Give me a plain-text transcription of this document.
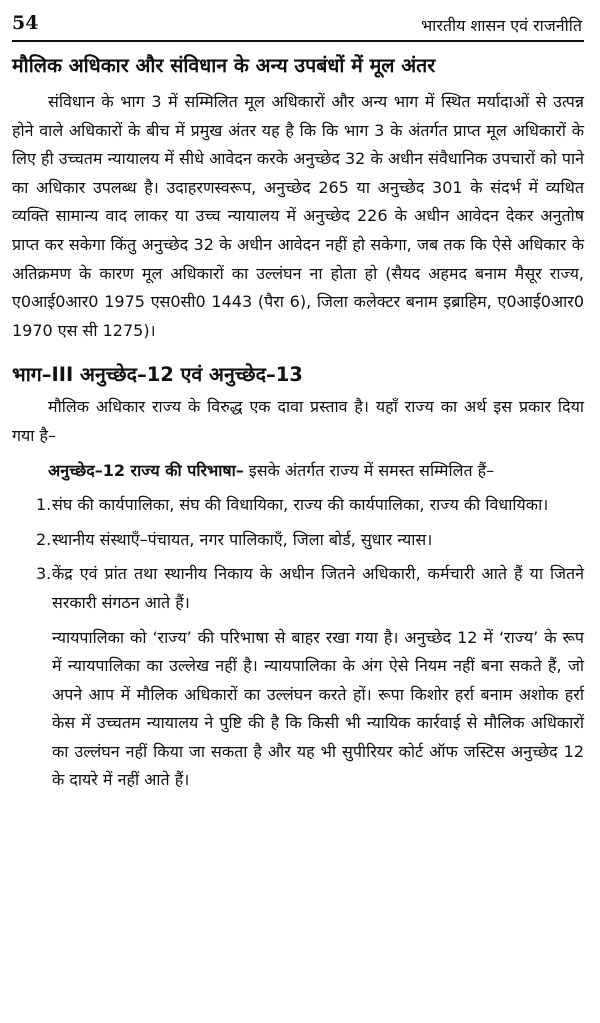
54	भारतीय शासन एवं राजनीति
मौलिक अधिकार और संविधान के अन्य उपबंधों में मूल अंतर

संविधान के भाग 3 में सम्मिलित मूल अधिकारों और अन्य भाग में स्थित मर्यादाओं से उत्पन्न होने वाले अधिकारों के बीच में प्रमुख अंतर यह है कि कि भाग 3 के अंतर्गत प्राप्त मूल अधिकारों के लिए ही उच्चतम न्यायालय में सीधे आवेदन करके अनुच्छेद 32 के अधीन संवैधानिक उपचारों को पाने का अधिकार उपलब्ध है। उदाहरणस्वरूप, अनुच्छेद 265 या अनुच्छेद 301 के संदर्भ में व्यथित व्यक्ति सामान्य वाद लाकर या उच्च न्यायालय में अनुच्छेद 226 के अधीन आवेदन देकर अनुतोष प्राप्त कर सकेगा किंतु अनुच्छेद 32 के अधीन आवेदन नहीं हो सकेगा, जब तक कि ऐसे अधिकार के अतिक्रमण के कारण मूल अधिकारों का उल्लंघन ना होता हो (सैयद अहमद बनाम मैसूर राज्य, ए0आई0आर0 1975 एस0सी0 1443 (पैरा 6), जिला कलेक्टर बनाम इब्राहिम, ए0आई0आर0 1970 एस सी 1275)।

भाग–III अनुच्छेद–12 एवं अनुच्छेद–13

मौलिक अधिकार राज्य के विरुद्ध एक दावा प्रस्ताव है। यहाँ राज्य का अर्थ इस प्रकार दिया गया है–

अनुच्छेद–12 राज्य की परिभाषा– इसके अंतर्गत राज्य में समस्त सम्मिलित हैं–

1. संघ की कार्यपालिका, संघ की विधायिका, राज्य की कार्यपालिका, राज्य की विधायिका।
2. स्थानीय संस्थाएँ–पंचायत, नगर पालिकाएँ, जिला बोर्ड, सुधार न्यास।
3. केंद्र एवं प्रांत तथा स्थानीय निकाय के अधीन जितने अधिकारी, कर्मचारी आते हैं या जितने सरकारी संगठन आते हैं।

न्यायपालिका को ‘राज्य’ की परिभाषा से बाहर रखा गया है। अनुच्छेद 12 में ‘राज्य’ के रूप में न्यायपालिका का उल्लेख नहीं है। न्यायपालिका के अंग ऐसे नियम नहीं बना सकते हैं, जो अपने आप में मौलिक अधिकारों का उल्लंघन करते हों। रूपा किशोर हर्रा बनाम अशोक हर्रा केस में उच्चतम न्यायालय ने पुष्टि की है कि किसी भी न्यायिक कार्रवाई से मौलिक अधिकारों का उल्लंघन नहीं किया जा सकता है और यह भी सुपीरियर कोर्ट ऑफ जस्टिस अनुच्छेद 12 के दायरे में नहीं आते हैं।
